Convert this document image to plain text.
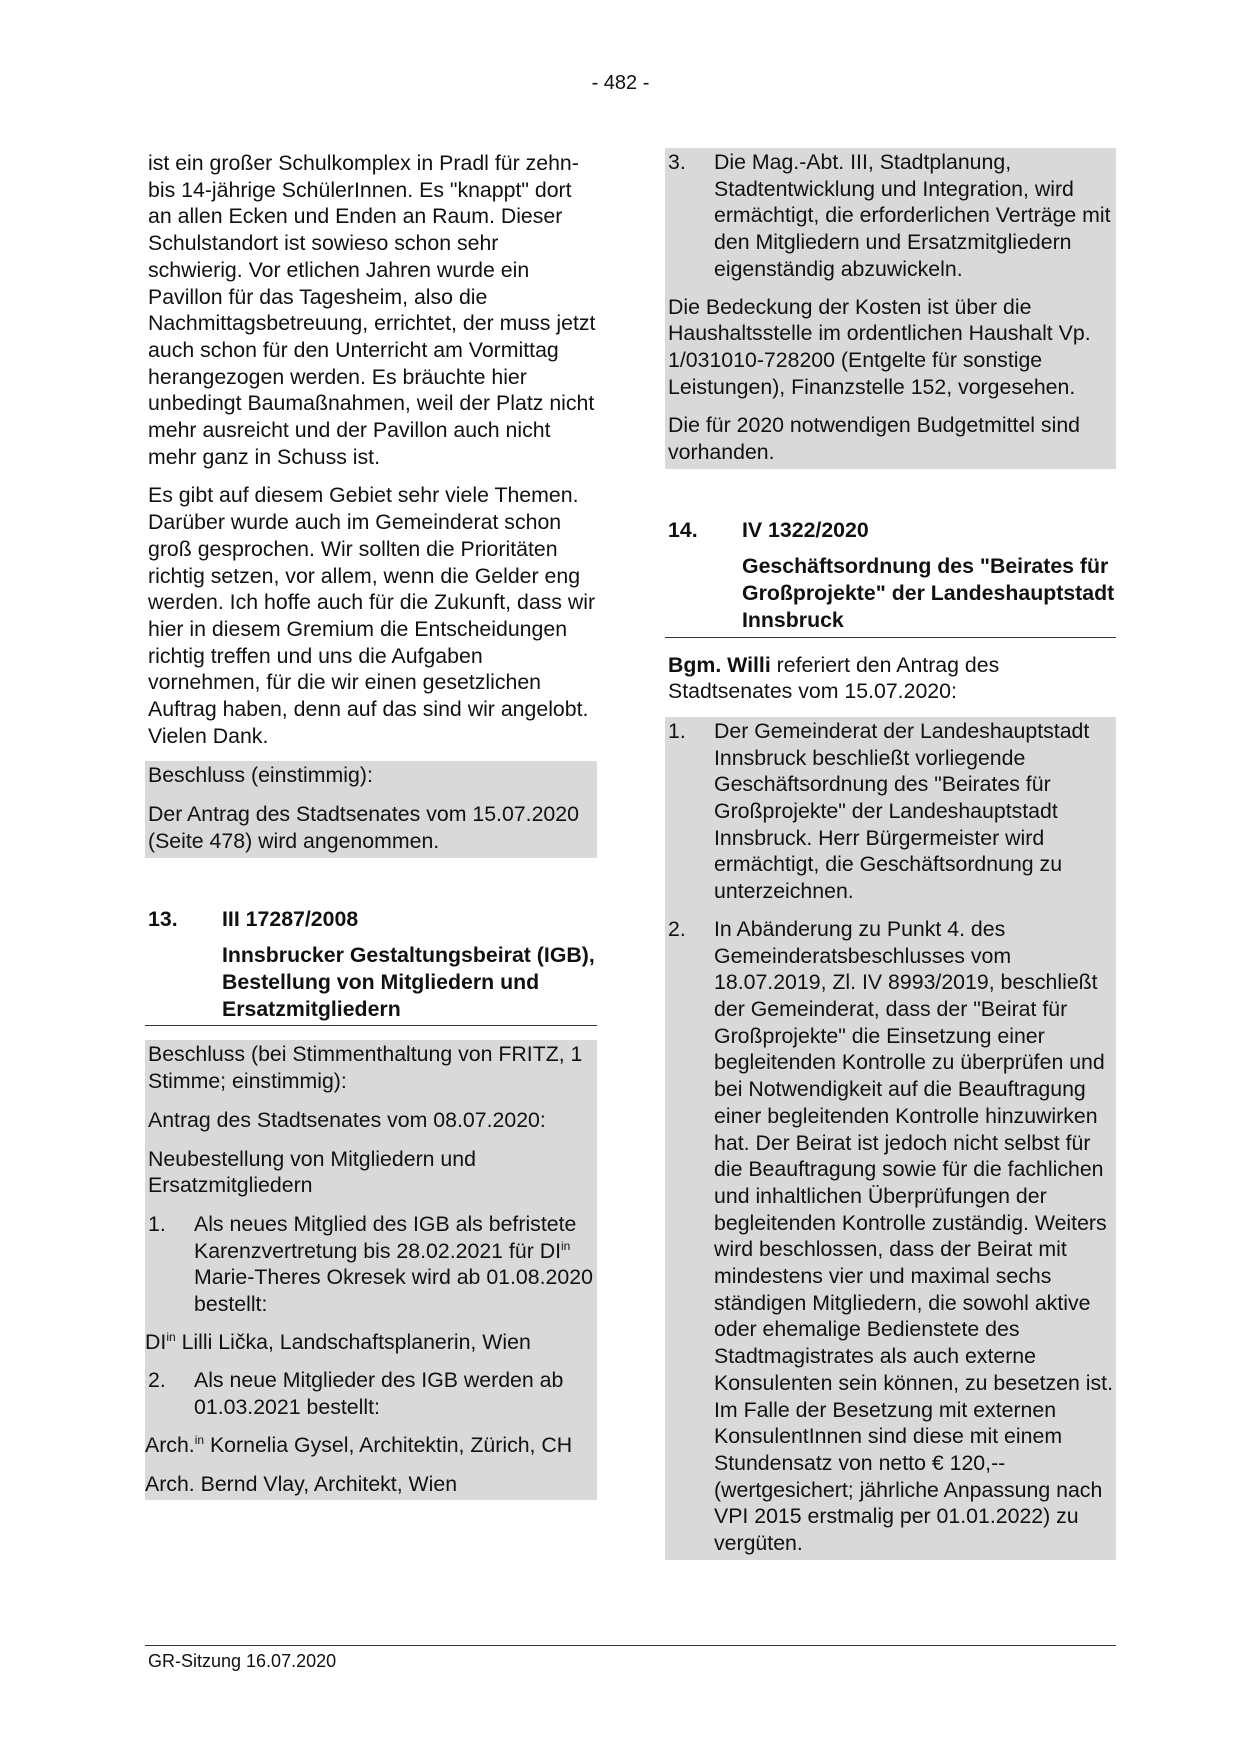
- 482 -

ist ein großer Schulkomplex in Pradl für zehn- bis 14-jährige SchülerInnen. Es "knappt" dort an allen Ecken und Enden an Raum. Dieser Schulstandort ist sowieso schon sehr schwierig. Vor etlichen Jahren wurde ein Pavillon für das Tagesheim, also die Nachmittagsbetreuung, errichtet, der muss jetzt auch schon für den Unterricht am Vormittag herangezogen werden. Es bräuchte hier unbedingt Baumaßnahmen, weil der Platz nicht mehr ausreicht und der Pavillon auch nicht mehr ganz in Schuss ist.

Es gibt auf diesem Gebiet sehr viele Themen. Darüber wurde auch im Gemeinderat schon groß gesprochen. Wir sollten die Prioritäten richtig setzen, vor allem, wenn die Gelder eng werden. Ich hoffe auch für die Zukunft, dass wir hier in diesem Gremium die Entscheidungen richtig treffen und uns die Aufgaben vornehmen, für die wir einen gesetzlichen Auftrag haben, denn auf das sind wir angelobt. Vielen Dank.

Beschluss (einstimmig):

Der Antrag des Stadtsenates vom 15.07.2020 (Seite 478) wird angenommen.

13.	III 17287/2008
Innsbrucker Gestaltungsbeirat (IGB), Bestellung von Mitgliedern und Ersatzmitgliedern

Beschluss (bei Stimmenthaltung von FRITZ, 1 Stimme; einstimmig):

Antrag des Stadtsenates vom 08.07.2020:

Neubestellung von Mitgliedern und Ersatzmitgliedern

1.	Als neues Mitglied des IGB als befristete Karenzvertretung bis 28.02.2021 für $DI^{in}$ Marie-Theres Okresek wird ab 01.08.2020 bestellt:

$DI^{in}$ Lilli Lička, Landschaftsplanerin, Wien

2.	Als neue Mitglieder des IGB werden ab 01.03.2021 bestellt:

Arch.$^{in}$ Kornelia Gysel, Architektin, Zürich, CH

Arch. Bernd Vlay, Architekt, Wien

3.	Die Mag.-Abt. III, Stadtplanung, Stadtentwicklung und Integration, wird ermächtigt, die erforderlichen Verträge mit den Mitgliedern und Ersatzmitgliedern eigenständig abzuwickeln.

Die Bedeckung der Kosten ist über die Haushaltsstelle im ordentlichen Haushalt Vp. 1/031010-728200 (Entgelte für sonstige Leistungen), Finanzstelle 152, vorgesehen.

Die für 2020 notwendigen Budgetmittel sind vorhanden.

14.	IV 1322/2020
Geschäftsordnung des "Beirates für Großprojekte" der Landeshauptstadt Innsbruck

Bgm. Willi referiert den Antrag des Stadtsenates vom 15.07.2020:

1.	Der Gemeinderat der Landeshauptstadt Innsbruck beschließt vorliegende Geschäftsordnung des "Beirates für Großprojekte" der Landeshauptstadt Innsbruck. Herr Bürgermeister wird ermächtigt, die Geschäftsordnung zu unterzeichnen.
2.	In Abänderung zu Punkt 4. des Gemeinderatsbeschlusses vom 18.07.2019, Zl. IV 8993/2019, beschließt der Gemeinderat, dass der "Beirat für Großprojekte" die Einsetzung einer begleitenden Kontrolle zu überprüfen und bei Notwendigkeit auf die Beauftragung einer begleitenden Kontrolle hinzuwirken hat. Der Beirat ist jedoch nicht selbst für die Beauftragung sowie für die fachlichen und inhaltlichen Überprüfungen der begleitenden Kontrolle zuständig. Weiters wird beschlossen, dass der Beirat mit mindestens vier und maximal sechs ständigen Mitgliedern, die sowohl aktive oder ehemalige Bedienstete des Stadtmagistrates als auch externe Konsulenten sein können, zu besetzen ist. Im Falle der Besetzung mit externen KonsulentInnen sind diese mit einem Stundensatz von netto € 120,-- (wertgesichert; jährliche Anpassung nach VPI 2015 erstmalig per 01.01.2022) zu vergüten.
GR-Sitzung 16.07.2020
